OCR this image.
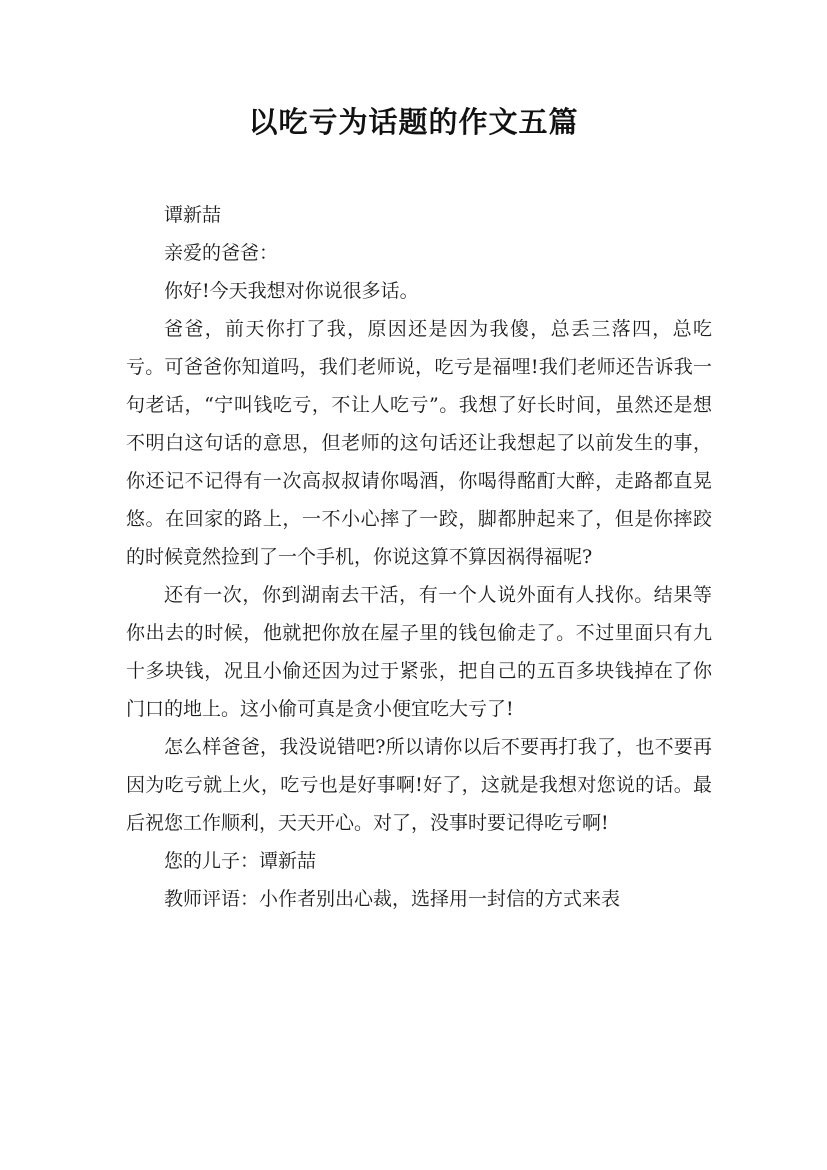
以吃亏为话题的作文五篇

谭新喆

亲爱的爸爸：

你好!今天我想对你说很多话。

爸爸，前天你打了我，原因还是因为我傻，总丢三落四，总吃亏。可爸爸你知道吗，我们老师说，吃亏是福哩!我们老师还告诉我一句老话，“宁叫钱吃亏，不让人吃亏”。我想了好长时间，虽然还是想不明白这句话的意思，但老师的这句话还让我想起了以前发生的事，你还记不记得有一次高叔叔请你喝酒，你喝得酩酊大醉，走路都直晃悠。在回家的路上，一不小心摔了一跤，脚都肿起来了，但是你摔跤的时候竟然捡到了一个手机，你说这算不算因祸得福呢?

还有一次，你到湖南去干活，有一个人说外面有人找你。结果等你出去的时候，他就把你放在屋子里的钱包偷走了。不过里面只有九十多块钱，况且小偷还因为过于紧张，把自己的五百多块钱掉在了你门口的地上。这小偷可真是贪小便宜吃大亏了!

怎么样爸爸，我没说错吧?所以请你以后不要再打我了，也不要再因为吃亏就上火，吃亏也是好事啊!好了，这就是我想对您说的话。最后祝您工作顺利，天天开心。对了，没事时要记得吃亏啊!

您的儿子：谭新喆

教师评语：小作者别出心裁，选择用一封信的方式来表
